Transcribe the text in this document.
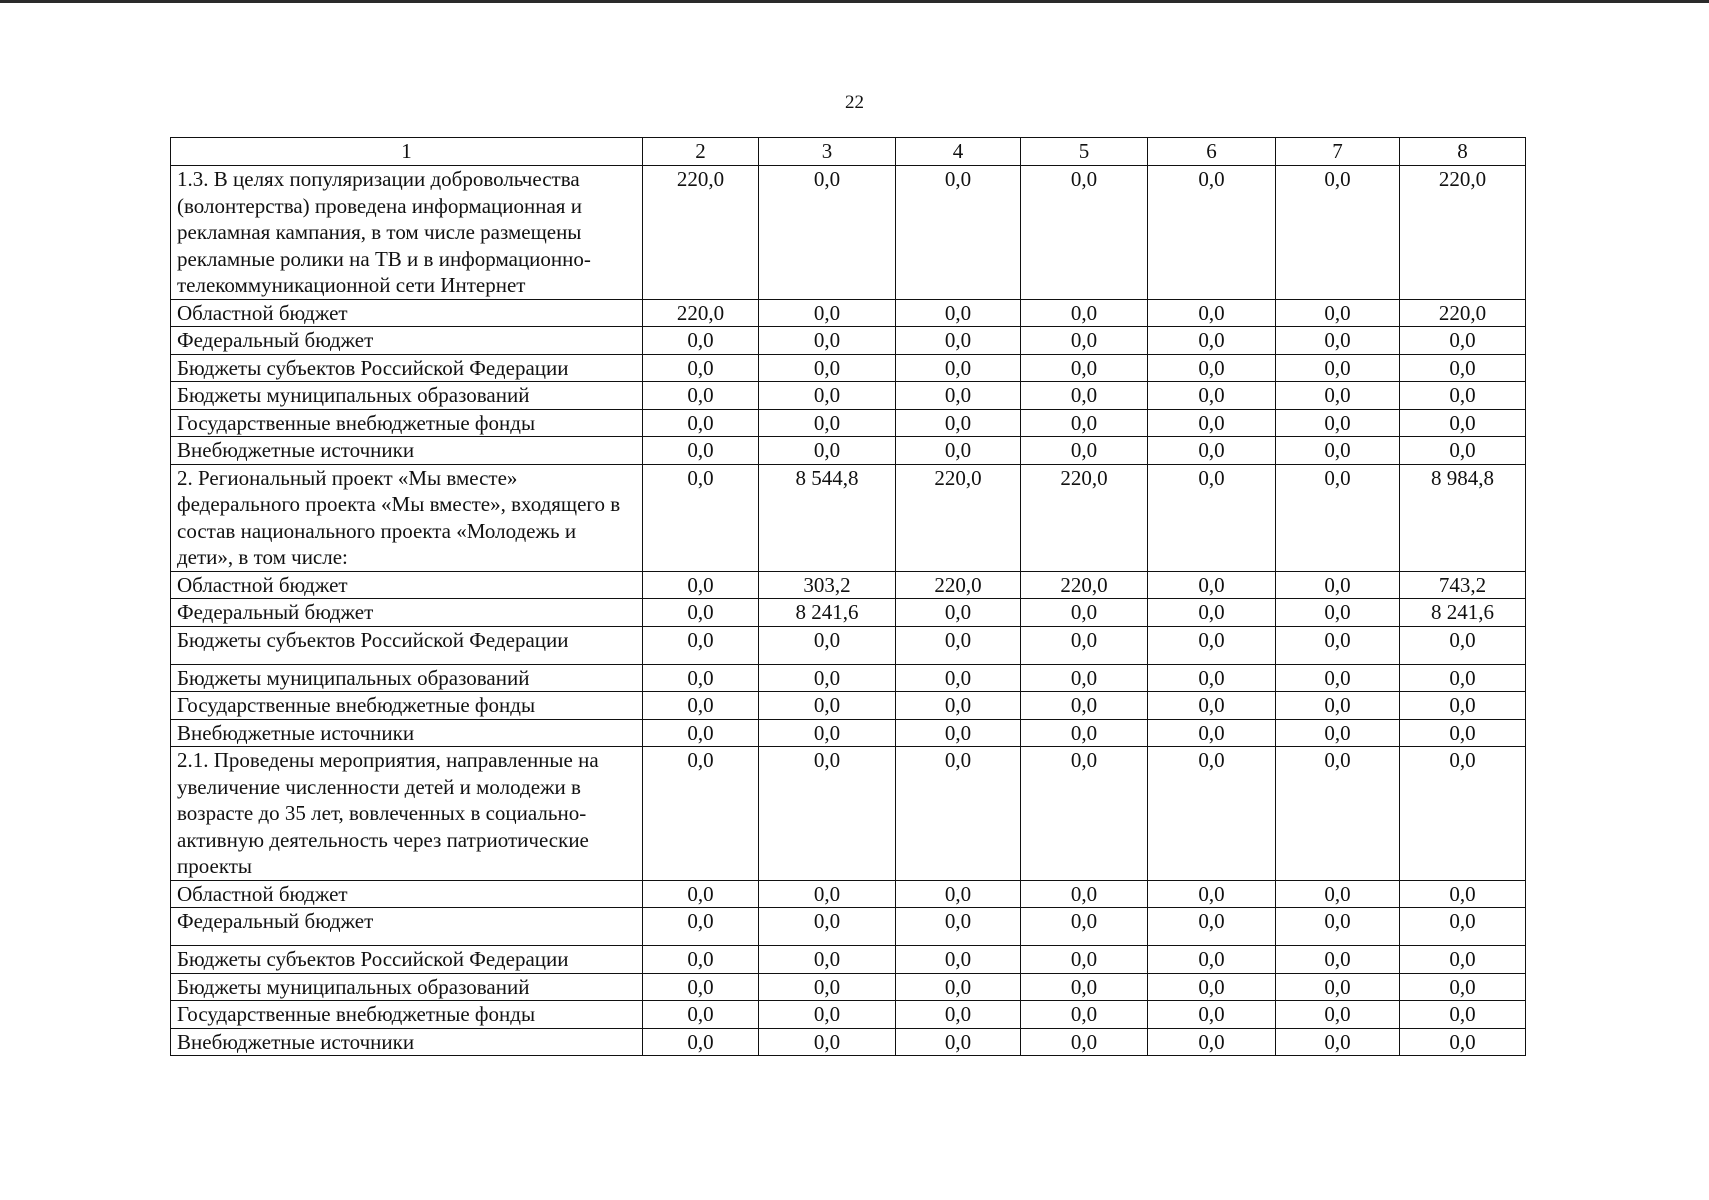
22
1	2	3	4	5	6	7	8
1.3. В целях популяризации добровольчества (волонтерства) проведена информационная и рекламная кампания, в том числе размещены рекламные ролики на ТВ и в информационно-телекоммуникационной сети Интернет	220,0	0,0	0,0	0,0	0,0	0,0	220,0
Областной бюджет	220,0	0,0	0,0	0,0	0,0	0,0	220,0
Федеральный бюджет	0,0	0,0	0,0	0,0	0,0	0,0	0,0
Бюджеты субъектов Российской Федерации	0,0	0,0	0,0	0,0	0,0	0,0	0,0
Бюджеты муниципальных образований	0,0	0,0	0,0	0,0	0,0	0,0	0,0
Государственные внебюджетные фонды	0,0	0,0	0,0	0,0	0,0	0,0	0,0
Внебюджетные источники	0,0	0,0	0,0	0,0	0,0	0,0	0,0
2. Региональный проект «Мы вместе» федерального проекта «Мы вместе», входящего в состав национального проекта «Молодежь и дети», в том числе:	0,0	8 544,8	220,0	220,0	0,0	0,0	8 984,8
Областной бюджет	0,0	303,2	220,0	220,0	0,0	0,0	743,2
Федеральный бюджет	0,0	8 241,6	0,0	0,0	0,0	0,0	8 241,6
Бюджеты субъектов Российской Федерации	0,0	0,0	0,0	0,0	0,0	0,0	0,0
Бюджеты муниципальных образований	0,0	0,0	0,0	0,0	0,0	0,0	0,0
Государственные внебюджетные фонды	0,0	0,0	0,0	0,0	0,0	0,0	0,0
Внебюджетные источники	0,0	0,0	0,0	0,0	0,0	0,0	0,0
2.1. Проведены мероприятия, направленные на увеличение численности детей и молодежи в возрасте до 35 лет, вовлеченных в социально-активную деятельность через патриотические проекты	0,0	0,0	0,0	0,0	0,0	0,0	0,0
Областной бюджет	0,0	0,0	0,0	0,0	0,0	0,0	0,0
Федеральный бюджет	0,0	0,0	0,0	0,0	0,0	0,0	0,0
Бюджеты субъектов Российской Федерации	0,0	0,0	0,0	0,0	0,0	0,0	0,0
Бюджеты муниципальных образований	0,0	0,0	0,0	0,0	0,0	0,0	0,0
Государственные внебюджетные фонды	0,0	0,0	0,0	0,0	0,0	0,0	0,0
Внебюджетные источники	0,0	0,0	0,0	0,0	0,0	0,0	0,0
